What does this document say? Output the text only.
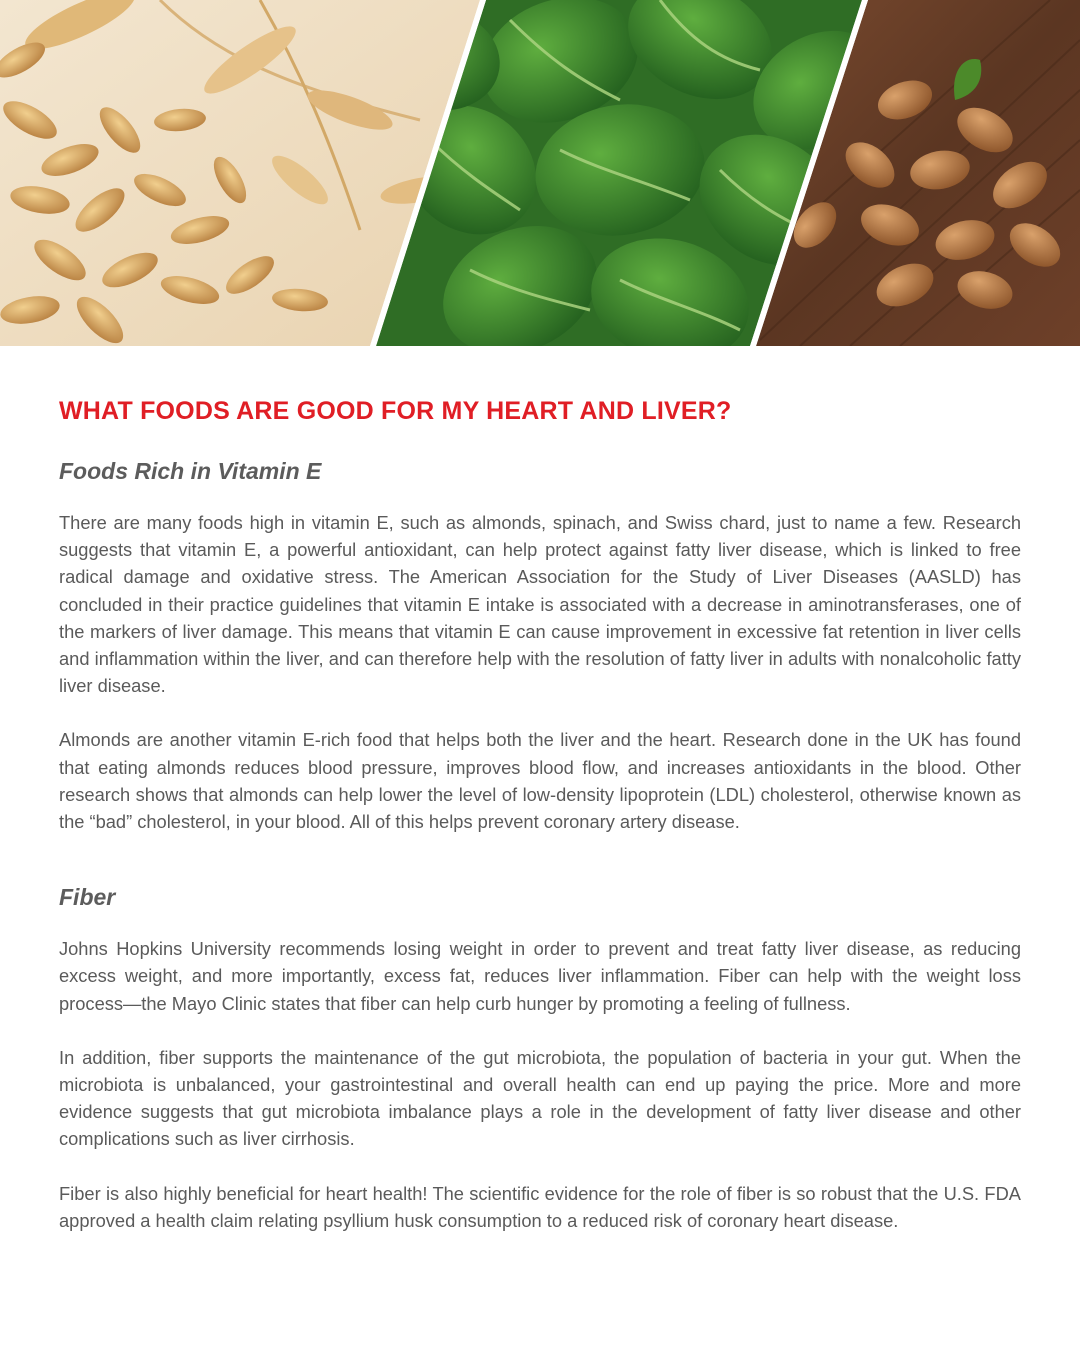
WHAT FOODS ARE GOOD FOR MY HEART AND LIVER?
Foods Rich in Vitamin E

There are many foods high in vitamin E, such as almonds, spinach, and Swiss chard, just to name a few. Research suggests that vitamin E, a powerful antioxidant, can help protect against fatty liver disease, which is linked to free radical damage and oxidative stress. The American Association for the Study of Liver Diseases (AASLD) has concluded in their practice guidelines that vitamin E intake is associated with a decrease in aminotransferases, one of the markers of liver damage. This means that vitamin E can cause improvement in excessive fat retention in liver cells and inflammation within the liver, and can therefore help with the resolution of fatty liver in adults with nonalcoholic fatty liver disease.

Almonds are another vitamin E-rich food that helps both the liver and the heart. Research done in the UK has found that eating almonds reduces blood pressure, improves blood flow, and increases antioxidants in the blood. Other research shows that almonds can help lower the level of low-density lipoprotein (LDL) cholesterol, otherwise known as the “bad” cholesterol, in your blood. All of this helps prevent coronary artery disease.

Fiber

Johns Hopkins University recommends losing weight in order to prevent and treat fatty liver disease, as reducing excess weight, and more importantly, excess fat, reduces liver inflammation. Fiber can help with the weight loss process—the Mayo Clinic states that fiber can help curb hunger by promoting a feeling of fullness.

In addition, fiber supports the maintenance of the gut microbiota, the population of bacteria in your gut. When the microbiota is unbalanced, your gastrointestinal and overall health can end up paying the price. More and more evidence suggests that gut microbiota imbalance plays a role in the development of fatty liver disease and other complications such as liver cirrhosis.

Fiber is also highly beneficial for heart health! The scientific evidence for the role of fiber is so robust that the U.S. FDA approved a health claim relating psyllium husk consumption to a reduced risk of coronary heart disease.
